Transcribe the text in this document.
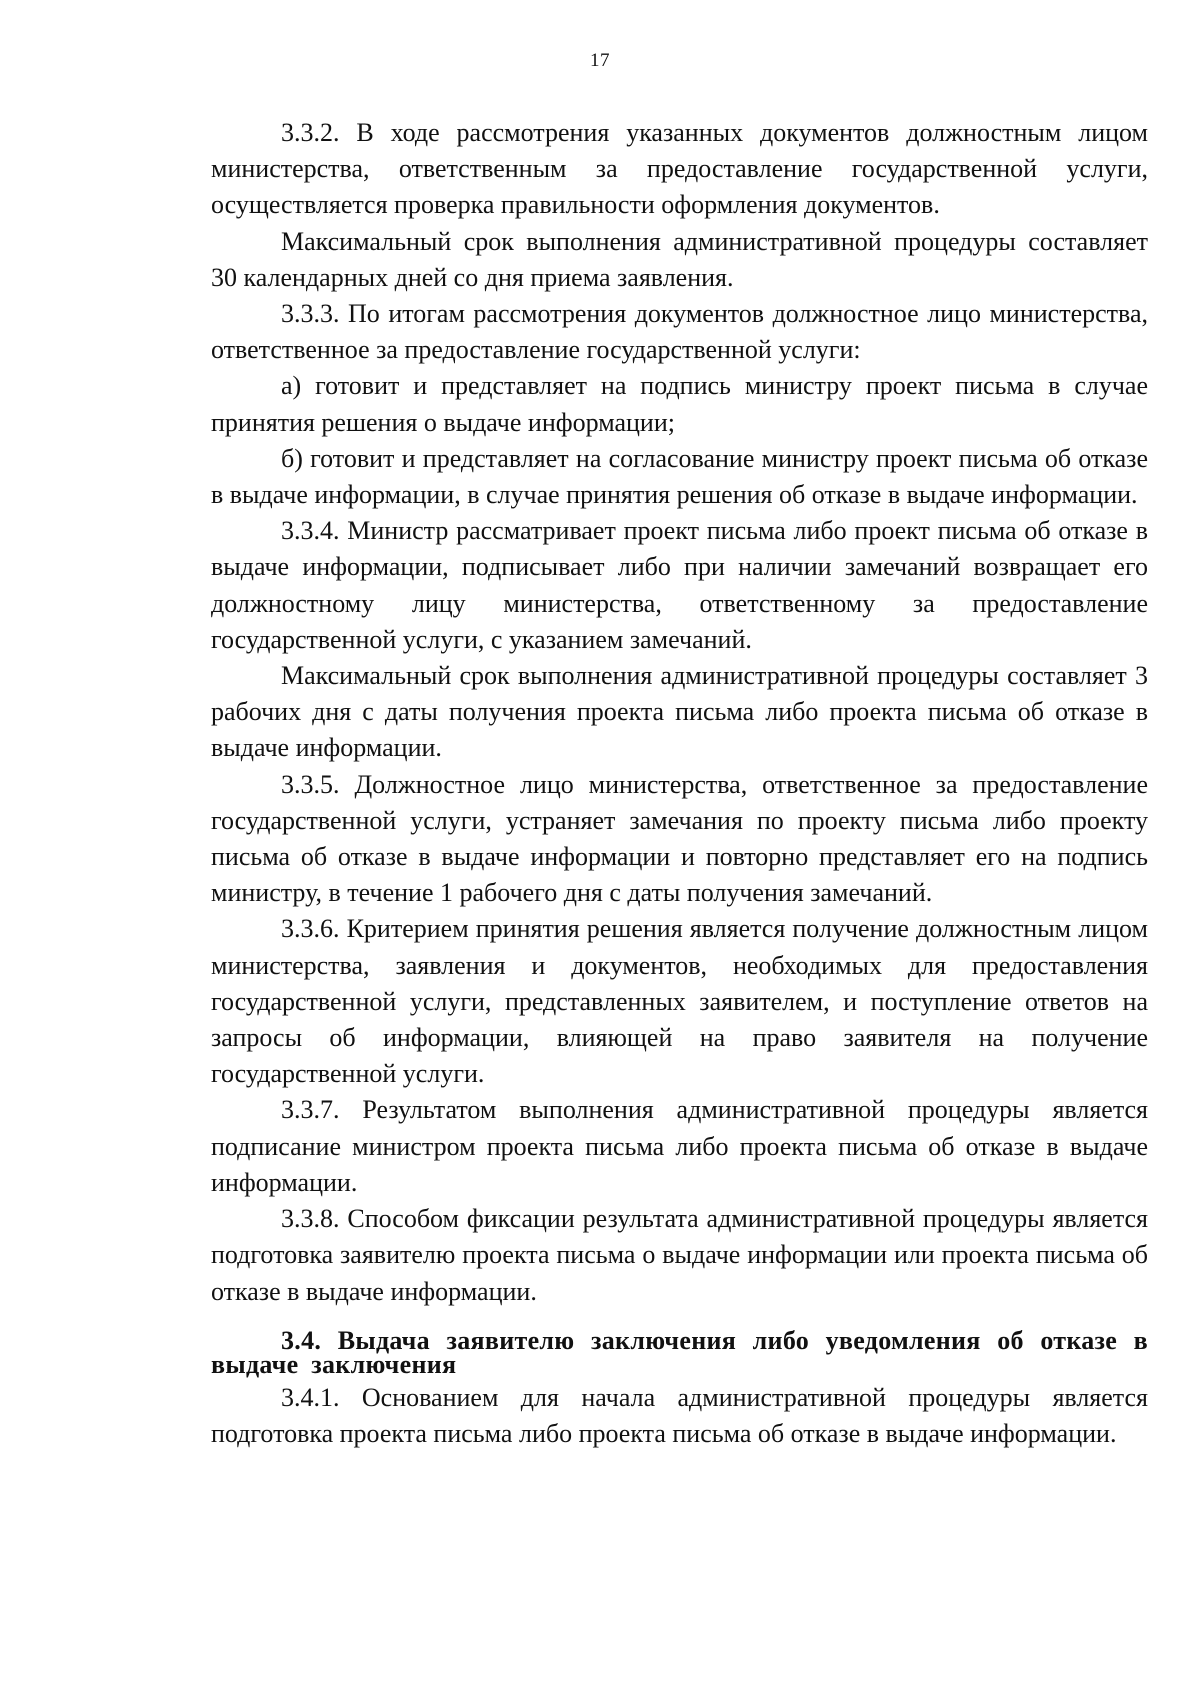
17

3.3.2. В ходе рассмотрения указанных документов должностным лицом министерства, ответственным за предоставление государственной услуги, осуществляется проверка правильности оформления документов.

Максимальный срок выполнения административной процедуры составляет 30 календарных дней со дня приема заявления.

3.3.3. По итогам рассмотрения документов должностное лицо министерства, ответственное за предоставление государственной услуги:

а) готовит и представляет на подпись министру проект письма в случае принятия решения о выдаче информации;

б) готовит и представляет на согласование министру проект письма об отказе в выдаче информации, в случае принятия решения об отказе в выдаче информации.

3.3.4. Министр рассматривает проект письма либо проект письма об отказе в выдаче информации, подписывает либо при наличии замечаний возвращает его должностному лицу министерства, ответственному за предоставление государственной услуги, с указанием замечаний.

Максимальный срок выполнения административной процедуры составляет 3 рабочих дня с даты получения проекта письма либо проекта письма об отказе в выдаче информации.

3.3.5. Должностное лицо министерства, ответственное за предоставление государственной услуги, устраняет замечания по проекту письма либо проекту письма об отказе в выдаче информации и повторно представляет его на подпись министру, в течение 1 рабочего дня с даты получения замечаний.

3.3.6. Критерием принятия решения является получение должностным лицом министерства, заявления и документов, необходимых для предоставления государственной услуги, представленных заявителем, и поступление ответов на запросы об информации, влияющей на право заявителя на получение государственной услуги.

3.3.7. Результатом выполнения административной процедуры является подписание министром проекта письма либо проекта письма об отказе в выдаче информации.

3.3.8. Способом фиксации результата административной процедуры является подготовка заявителю проекта письма о выдаче информации или проекта письма об отказе в выдаче информации.

3.4. Выдача заявителю заключения либо уведомления об отказе в выдаче заключения

3.4.1. Основанием для начала административной процедуры является подготовка проекта письма либо проекта письма об отказе в выдаче информации.
